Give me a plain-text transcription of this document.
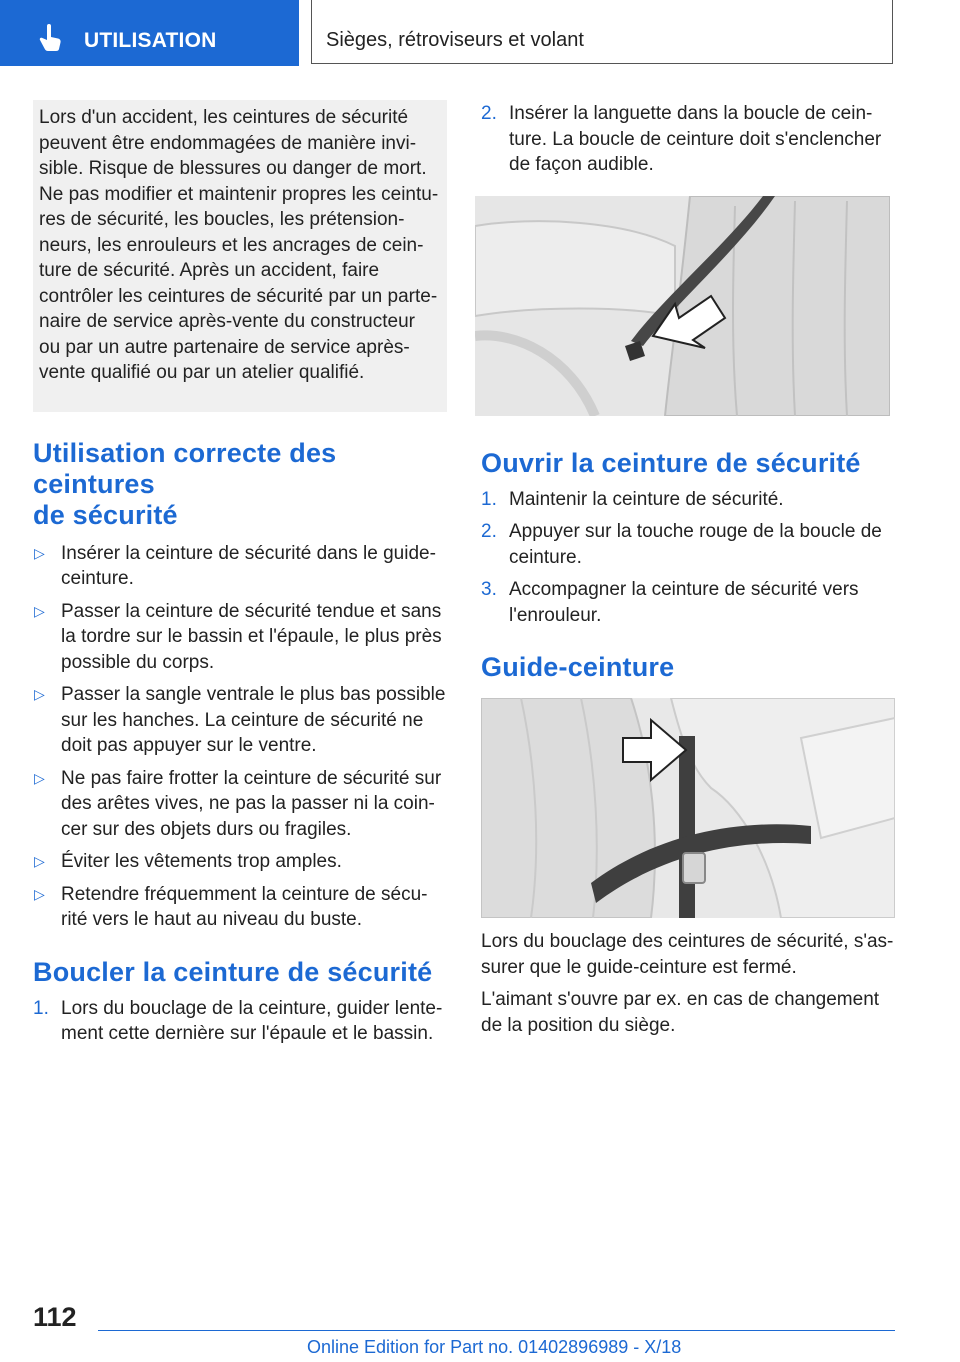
UTILISATION	Sièges, rétroviseurs et volant

Lors d'un accident, les ceintures de sécurité
peuvent être endommagées de manière invi‐
sible. Risque de blessures ou danger de mort.
Ne pas modifier et maintenir propres les ceintu‐
res de sécurité, les boucles, les prétension‐
neurs, les enrouleurs et les ancrages de cein‐
ture de sécurité. Après un accident, faire
contrôler les ceintures de sécurité par un parte‐
naire de service après-vente du constructeur
ou par un autre partenaire de service après-
vente qualifié ou par un atelier qualifié.

Utilisation correcte des ceintures
de sécurité
▷ Insérer la ceinture de sécurité dans le guide-
ceinture.
▷ Passer la ceinture de sécurité tendue et sans
la tordre sur le bassin et l'épaule, le plus près
possible du corps.
▷ Passer la sangle ventrale le plus bas possible
sur les hanches. La ceinture de sécurité ne
doit pas appuyer sur le ventre.
▷ Ne pas faire frotter la ceinture de sécurité sur
des arêtes vives, ne pas la passer ni la coin‐
cer sur des objets durs ou fragiles.
▷ Éviter les vêtements trop amples.
▷ Retendre fréquemment la ceinture de sécu‐
rité vers le haut au niveau du buste.
Boucler la ceinture de sécurité
1. Lors du bouclage de la ceinture, guider lente‐
ment cette dernière sur l'épaule et le bassin.
2. Insérer la languette dans la boucle de cein‐
ture. La boucle de ceinture doit s'enclencher
de façon audible.
Ouvrir la ceinture de sécurité
1. Maintenir la ceinture de sécurité.
2. Appuyer sur la touche rouge de la boucle de
ceinture.
3. Accompagner la ceinture de sécurité vers
l'enrouleur.
Guide-ceinture

Lors du bouclage des ceintures de sécurité, s'as‐
surer que le guide-ceinture est fermé.

L'aimant s'ouvre par ex. en cas de changement
de la position du siège.

112
Online Edition for Part no. 01402896989 - X/18
